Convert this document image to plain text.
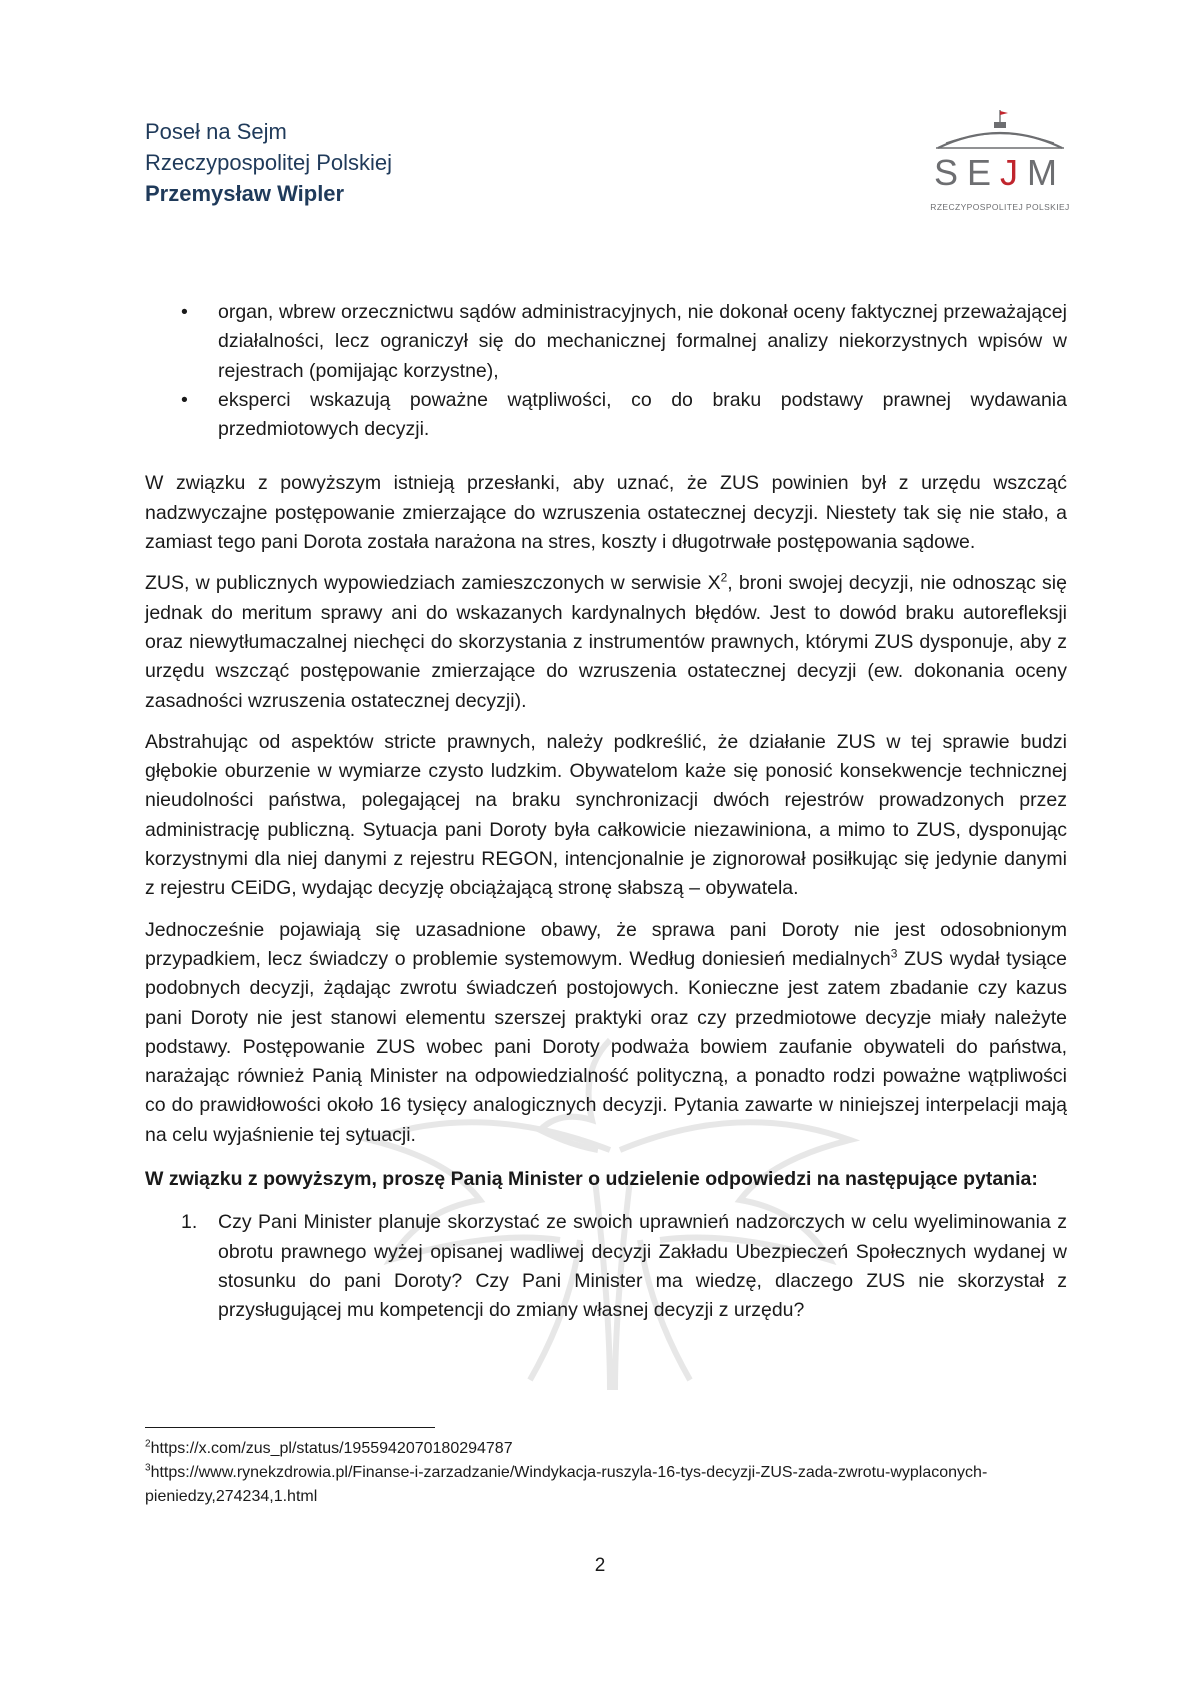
Poseł na Sejm
Rzeczypospolitej Polskiej
Przemysław Wipler
SEJM
RZECZYPOSPOLITEJ POLSKIEJ
• organ, wbrew orzecznictwu sądów administracyjnych, nie dokonał oceny faktycznej przeważającej działalności, lecz ograniczył się do mechanicznej formalnej analizy niekorzystnych wpisów w rejestrach (pomijając korzystne),
• eksperci wskazują poważne wątpliwości, co do braku podstawy prawnej wydawania przedmiotowych decyzji.

W związku z powyższym istnieją przesłanki, aby uznać, że ZUS powinien był z urzędu wszcząć nadzwyczajne postępowanie zmierzające do wzruszenia ostatecznej decyzji. Niestety tak się nie stało, a zamiast tego pani Dorota została narażona na stres, koszty i długotrwałe postępowania sądowe.

ZUS, w publicznych wypowiedziach zamieszczonych w serwisie $X^2$, broni swojej decyzji, nie odnosząc się jednak do meritum sprawy ani do wskazanych kardynalnych błędów. Jest to dowód braku autorefleksji oraz niewytłumaczalnej niechęci do skorzystania z instrumentów prawnych, którymi ZUS dysponuje, aby z urzędu wszcząć postępowanie zmierzające do wzruszenia ostatecznej decyzji (ew. dokonania oceny zasadności wzruszenia ostatecznej decyzji).

Abstrahując od aspektów stricte prawnych, należy podkreślić, że działanie ZUS w tej sprawie budzi głębokie oburzenie w wymiarze czysto ludzkim. Obywatelom każe się ponosić konsekwencje technicznej nieudolności państwa, polegającej na braku synchronizacji dwóch rejestrów prowadzonych przez administrację publiczną. Sytuacja pani Doroty była całkowicie niezawiniona, a mimo to ZUS, dysponując korzystnymi dla niej danymi z rejestru REGON, intencjonalnie je zignorował posiłkując się jedynie danymi z rejestru CEiDG, wydając decyzję obciążającą stronę słabszą – obywatela.

Jednocześnie pojawiają się uzasadnione obawy, że sprawa pani Doroty nie jest odosobnionym przypadkiem, lecz świadczy o problemie systemowym. Według doniesień medialnych$^3$ ZUS wydał tysiące podobnych decyzji, żądając zwrotu świadczeń postojowych. Konieczne jest zatem zbadanie czy kazus pani Doroty nie jest stanowi elementu szerszej praktyki oraz czy przedmiotowe decyzje miały należyte podstawy. Postępowanie ZUS wobec pani Doroty podważa bowiem zaufanie obywateli do państwa, narażając również Panią Minister na odpowiedzialność polityczną, a ponadto rodzi poważne wątpliwości co do prawidłowości około 16 tysięcy analogicznych decyzji. Pytania zawarte w niniejszej interpelacji mają na celu wyjaśnienie tej sytuacji.

W związku z powyższym, proszę Panią Minister o udzielenie odpowiedzi na następujące pytania:

1. Czy Pani Minister planuje skorzystać ze swoich uprawnień nadzorczych w celu wyeliminowania z obrotu prawnego wyżej opisanej wadliwej decyzji Zakładu Ubezpieczeń Społecznych wydanej w stosunku do pani Doroty? Czy Pani Minister ma wiedzę, dlaczego ZUS nie skorzystał z przysługującej mu kompetencji do zmiany własnej decyzji z urzędu?
$^2$https://x.com/zus_pl/status/1955942070180294787
$^3$https://www.rynekzdrowia.pl/Finanse-i-zarzadzanie/Windykacja-ruszyla-16-tys-decyzji-ZUS-zada-zwrotu-wyplaconych-pieniedzy,274234,1.html
2
